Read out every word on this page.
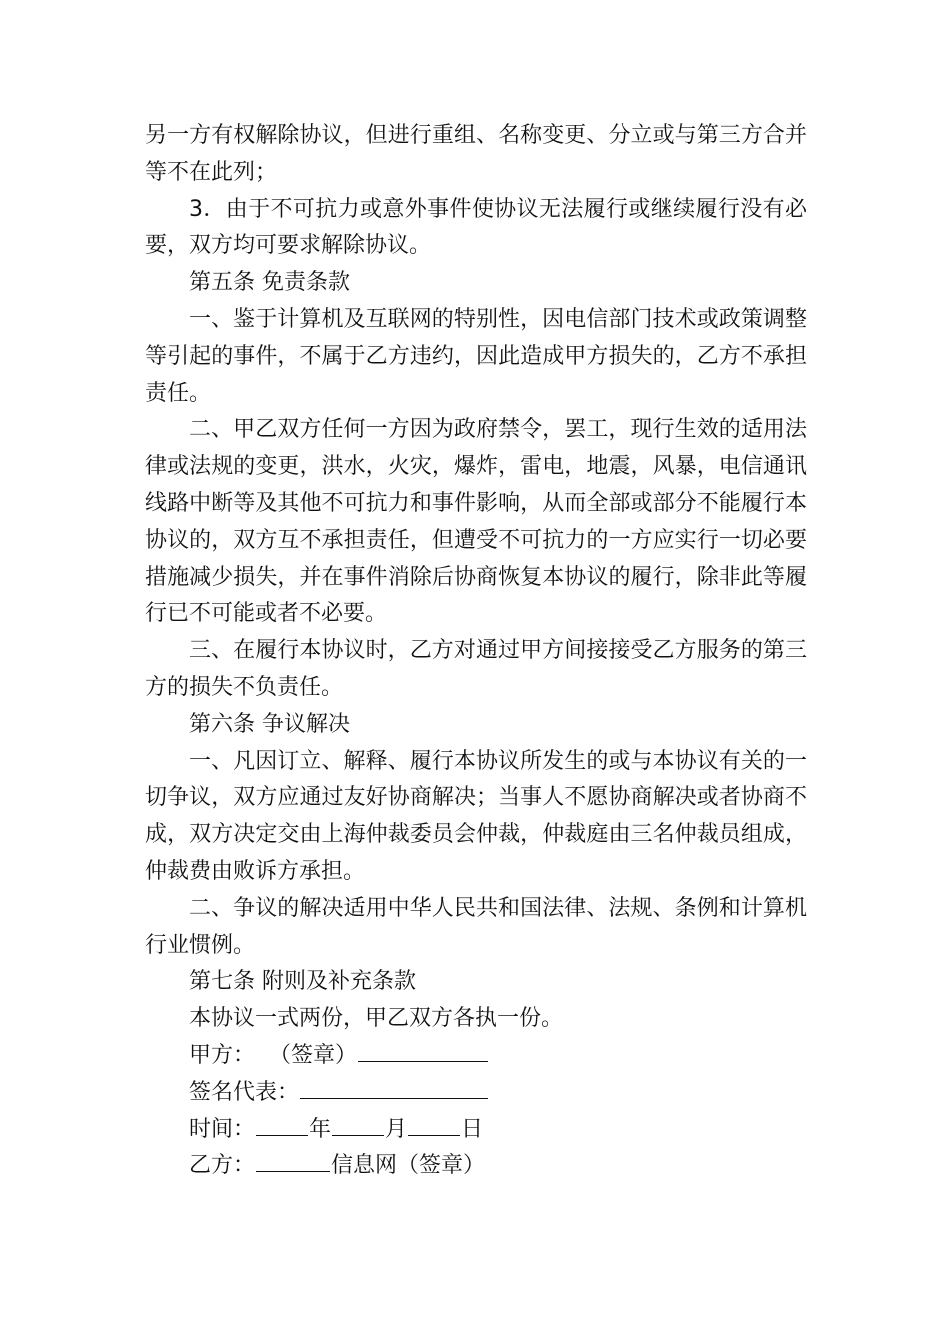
另一方有权解除协议，但进行重组、名称变更、分立或与第三方合并等不在此列；

3．由于不可抗力或意外事件使协议无法履行或继续履行没有必要，双方均可要求解除协议。

第五条 免责条款

一、鉴于计算机及互联网的特别性，因电信部门技术或政策调整等引起的事件，不属于乙方违约，因此造成甲方损失的，乙方不承担责任。

二、甲乙双方任何一方因为政府禁令，罢工，现行生效的适用法律或法规的变更，洪水，火灾，爆炸，雷电，地震，风暴，电信通讯线路中断等及其他不可抗力和事件影响，从而全部或部分不能履行本协议的，双方互不承担责任，但遭受不可抗力的一方应实行一切必要措施减少损失，并在事件消除后协商恢复本协议的履行，除非此等履行已不可能或者不必要。

三、在履行本协议时，乙方对通过甲方间接接受乙方服务的第三方的损失不负责任。

第六条 争议解决

一、凡因订立、解释、履行本协议所发生的或与本协议有关的一切争议，双方应通过友好协商解决；当事人不愿协商解决或者协商不成，双方决定交由上海仲裁委员会仲裁，仲裁庭由三名仲裁员组成，仲裁费由败诉方承担。

二、争议的解决适用中华人民共和国法律、法规、条例和计算机行业惯例。

第七条 附则及补充条款

本协议一式两份，甲乙双方各执一份。

甲方： （签章）
签名代表：
时间： 年 月 日
乙方：	信息网（签章）
